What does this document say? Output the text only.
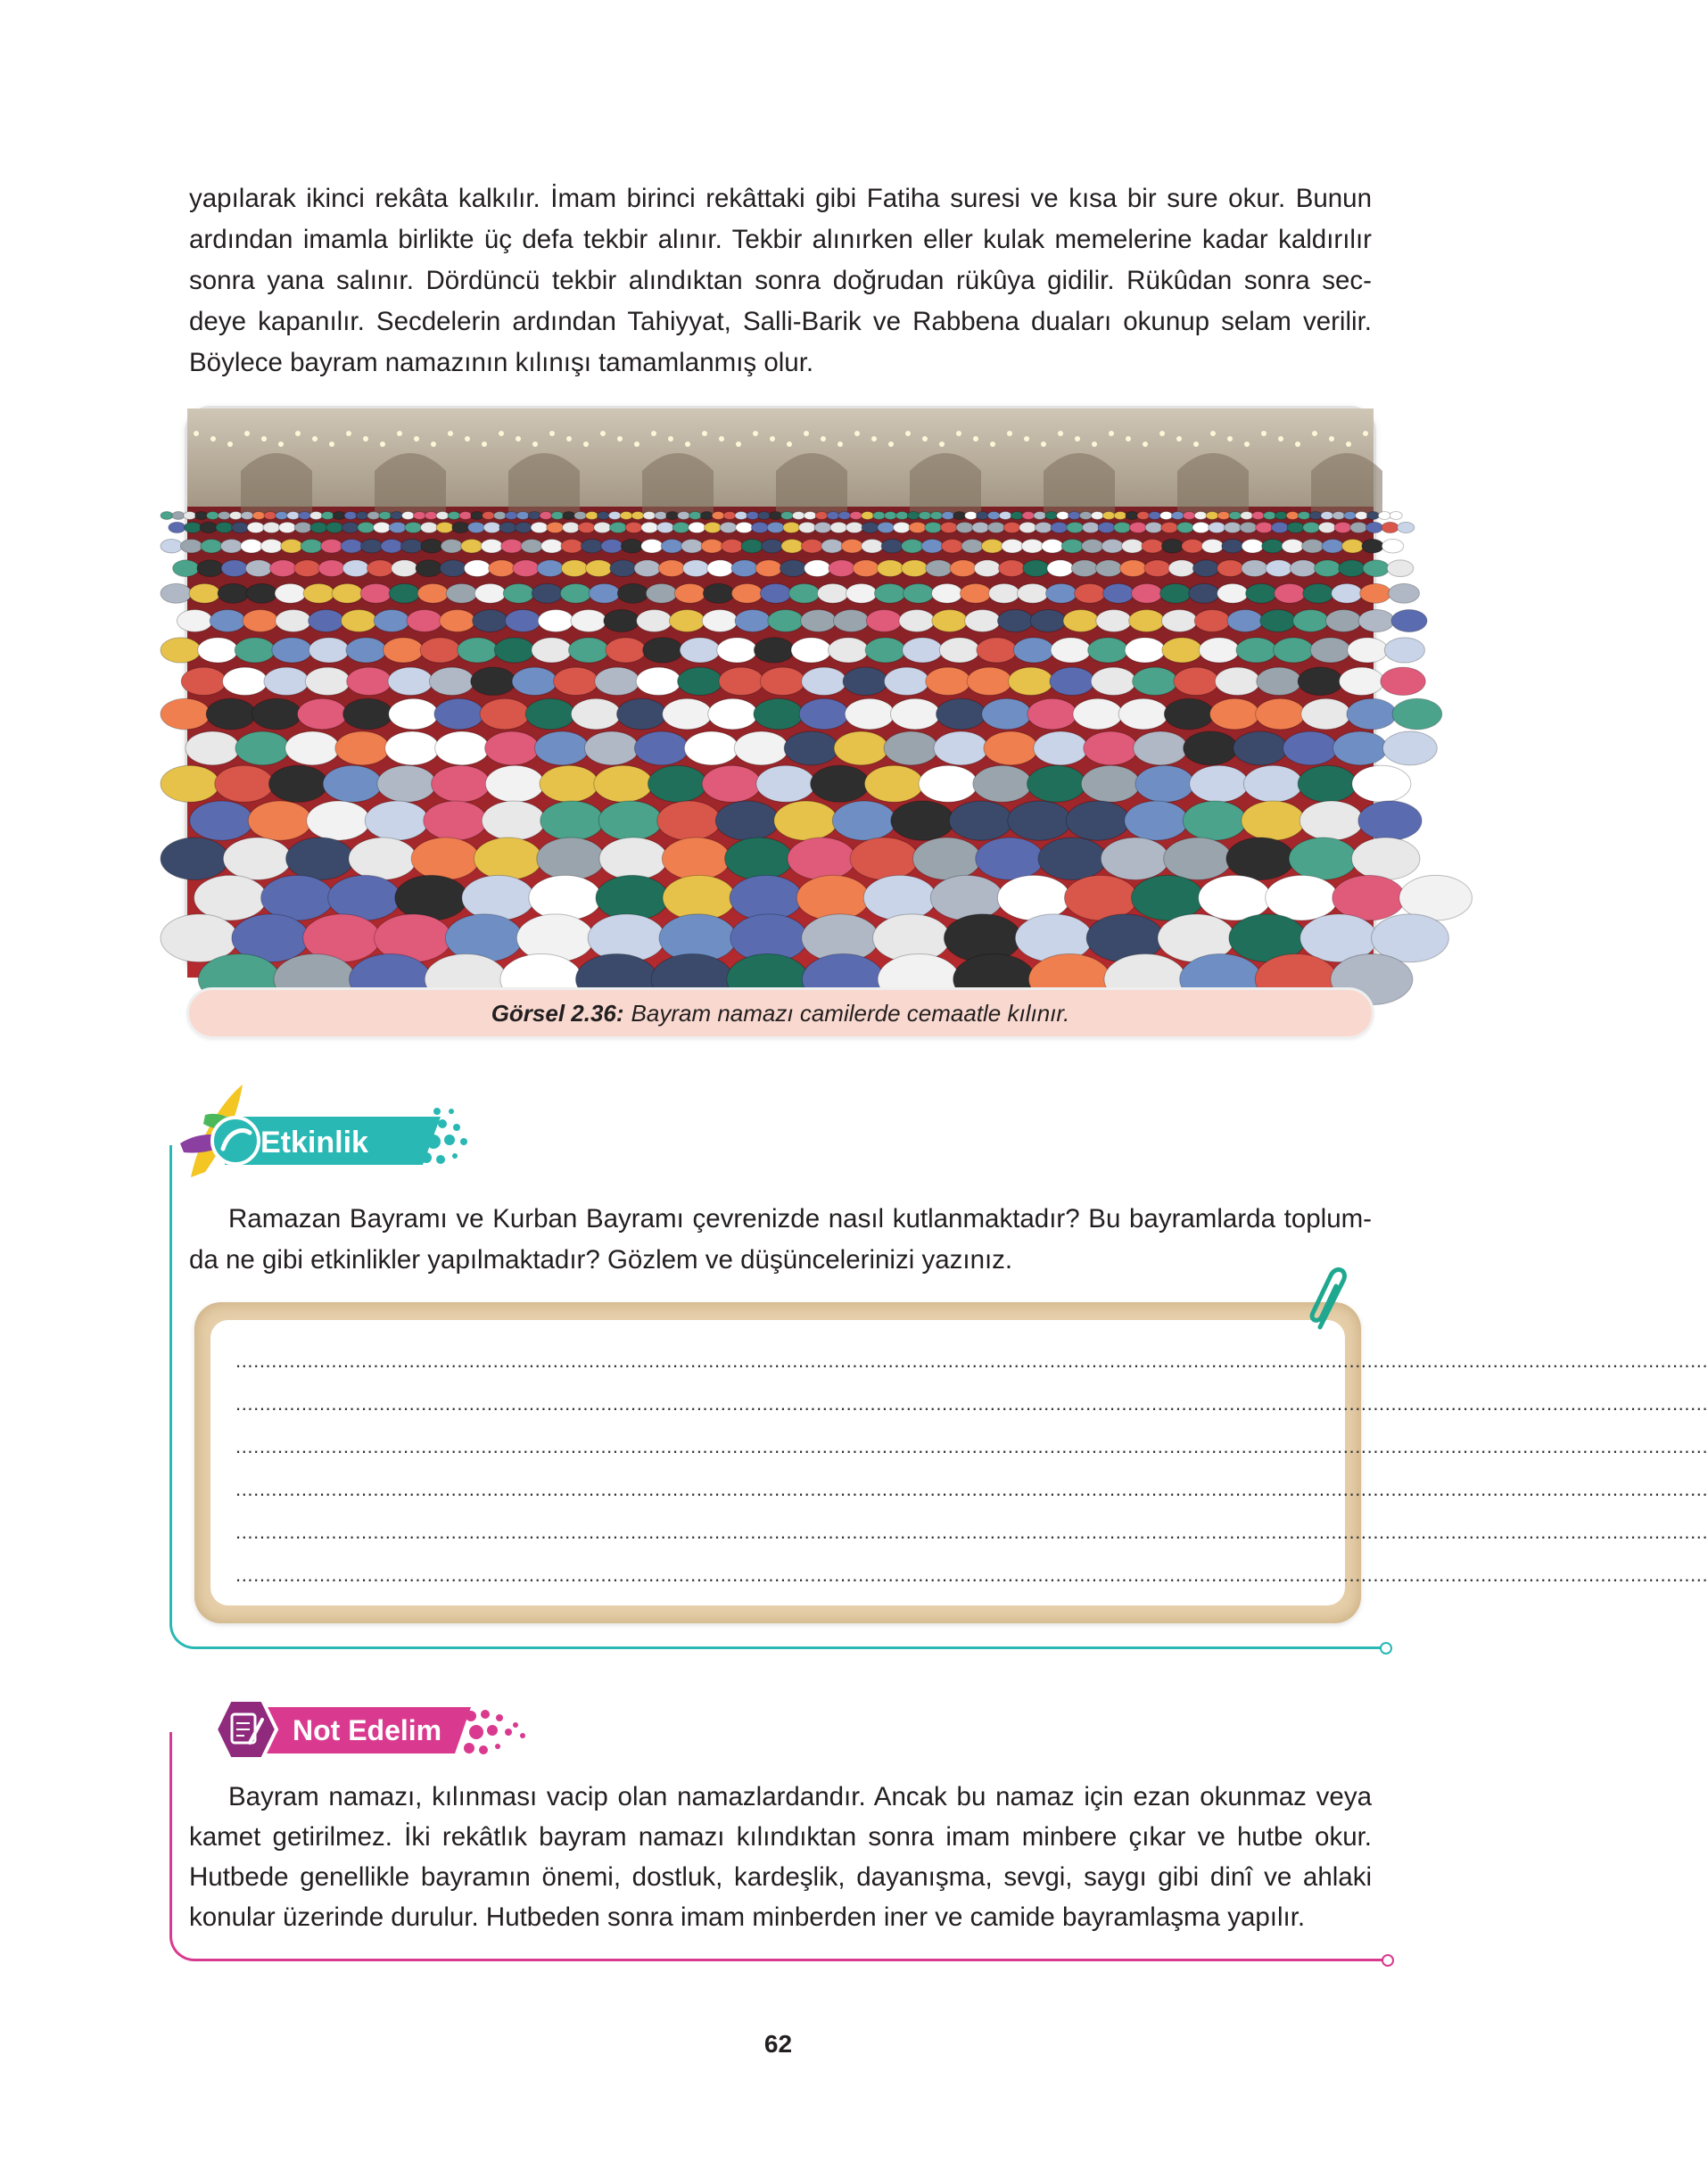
yapılarak ikinci rekâta kalkılır. İmam birinci rekâttaki gibi Fatiha suresi ve kısa bir sure okur. Bunun
ardından imamla birlikte üç defa tekbir alınır. Tekbir alınırken eller kulak memelerine kadar kaldırılır
sonra yana salınır. Dördüncü tekbir alındıktan sonra doğrudan rükûya gidilir. Rükûdan sonra sec-
deye kapanılır. Secdelerin ardından Tahiyyat, Salli-Barik ve Rabbena duaları okunup selam verilir.
Böylece bayram namazının kılınışı tamamlanmış olur.

Görsel 2.36: Bayram namazı camilerde cemaatle kılınır.
Etkinlik

Ramazan Bayramı ve Kurban Bayramı çevrenizde nasıl kutlanmaktadır? Bu bayramlarda toplum-
da ne gibi etkinlikler yapılmaktadır? Gözlem ve düşüncelerinizi yazınız.

......................................................................................................................................................................................................................................................
......................................................................................................................................................................................................................................................
......................................................................................................................................................................................................................................................
......................................................................................................................................................................................................................................................
......................................................................................................................................................................................................................................................
......................................................................................................................................................................................................................................................
Not Edelim

Bayram namazı, kılınması vacip olan namazlardandır. Ancak bu namaz için ezan okunmaz veya
kamet getirilmez. İki rekâtlık bayram namazı kılındıktan sonra imam minbere çıkar ve hutbe okur.
Hutbede genellikle bayramın önemi, dostluk, kardeşlik, dayanışma, sevgi, saygı gibi dinî ve ahlaki
konular üzerinde durulur. Hutbeden sonra imam minberden iner ve camide bayramlaşma yapılır.

62
